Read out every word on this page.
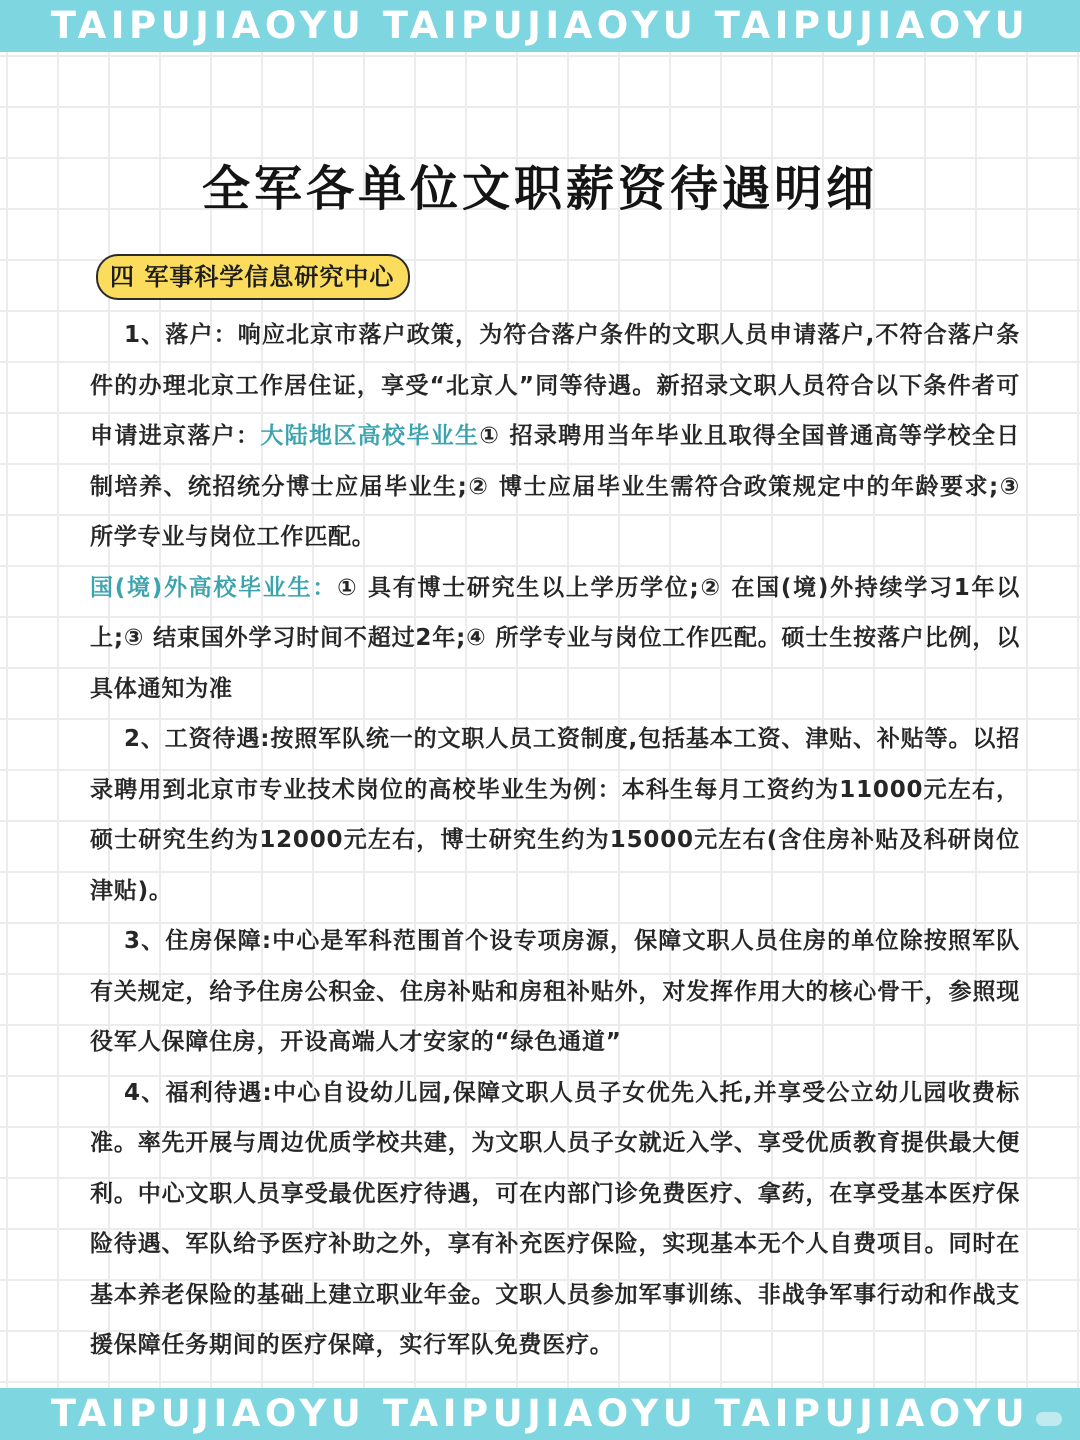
TAIPUJIAOYU TAIPUJIAOYU TAIPUJIAOYU
全军各单位文职薪资待遇明细
四 军事科学信息研究中心

1、落户：响应北京市落户政策，为符合落户条件的文职人员申请落户,不符合落户条件的办理北京工作居住证，享受“北京人”同等待遇。新招录文职人员符合以下条件者可申请进京落户：大陆地区高校毕业生① 招录聘用当年毕业且取得全国普通高等学校全日制培养、统招统分博士应届毕业生;② 博士应届毕业生需符合政策规定中的年龄要求;③ 所学专业与岗位工作匹配。
国(境)外高校毕业生：① 具有博士研究生以上学历学位;② 在国(境)外持续学习1年以上;③ 结束国外学习时间不超过2年;④ 所学专业与岗位工作匹配。硕士生按落户比例，以具体通知为准

2、工资待遇:按照军队统一的文职人员工资制度,包括基本工资、津贴、补贴等。以招录聘用到北京市专业技术岗位的高校毕业生为例：本科生每月工资约为11000元左右，硕士研究生约为12000元左右，博士研究生约为15000元左右(含住房补贴及科研岗位津贴)。

3、住房保障:中心是军科范围首个设专项房源，保障文职人员住房的单位除按照军队有关规定，给予住房公积金、住房补贴和房租补贴外，对发挥作用大的核心骨干，参照现役军人保障住房，开设高端人才安家的“绿色通道”

4、福利待遇:中心自设幼儿园,保障文职人员子女优先入托,并享受公立幼儿园收费标准。率先开展与周边优质学校共建，为文职人员子女就近入学、享受优质教育提供最大便利。中心文职人员享受最优医疗待遇，可在内部门诊免费医疗、拿药，在享受基本医疗保险待遇、军队给予医疗补助之外，享有补充医疗保险，实现基本无个人自费项目。同时在基本养老保险的基础上建立职业年金。文职人员参加军事训练、非战争军事行动和作战支援保障任务期间的医疗保障，实行军队免费医疗。

TAIPUJIAOYU TAIPUJIAOYU TAIPUJIAOYU
